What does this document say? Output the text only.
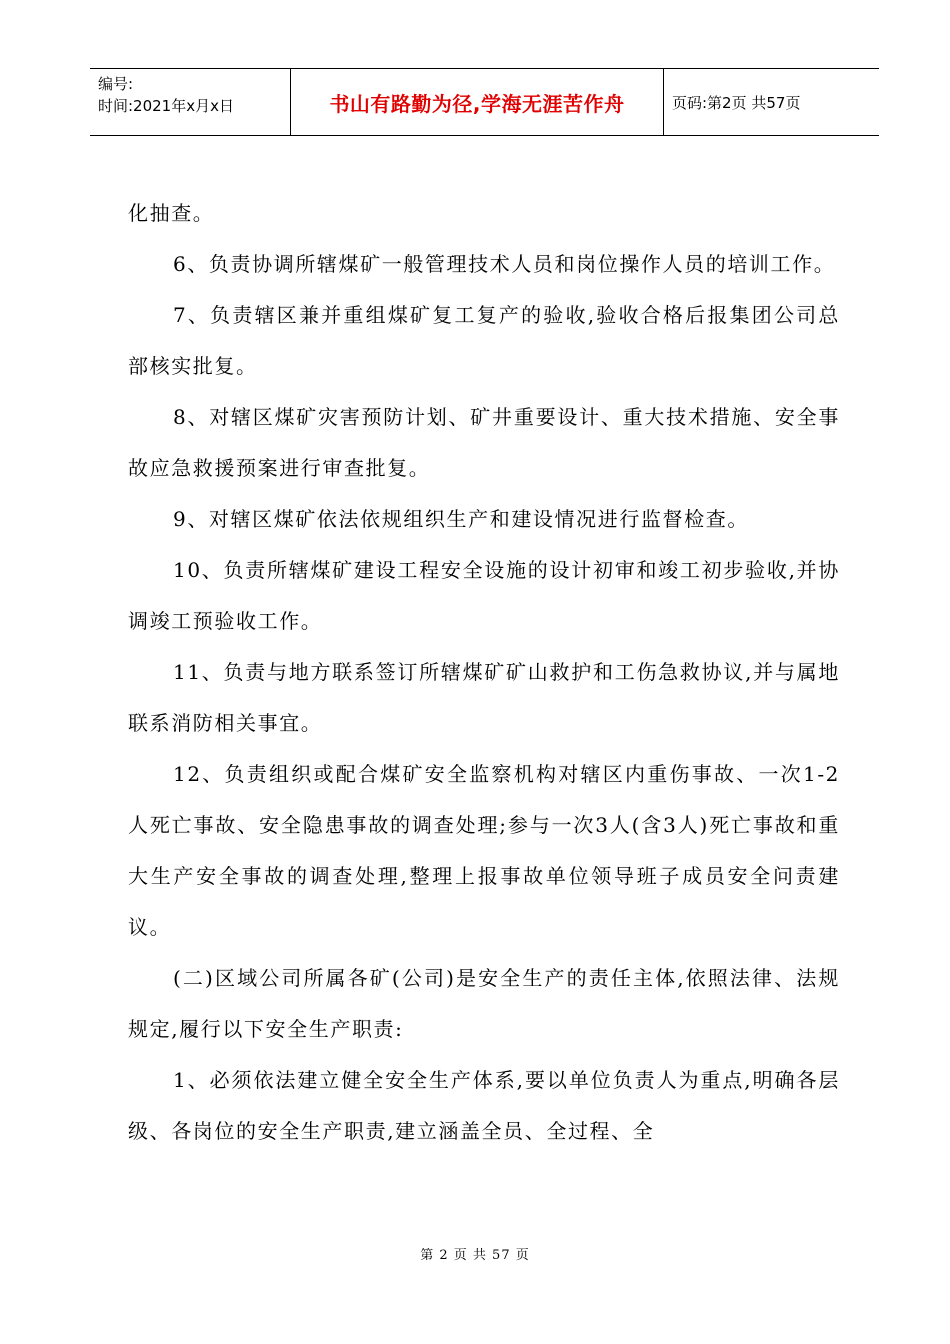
编号:
时间:2021年x月x日	书山有路勤为径,学海无涯苦作舟	页码:第2页 共57页

化抽查。

6、负责协调所辖煤矿一般管理技术人员和岗位操作人员的培训工作。

7、负责辖区兼并重组煤矿复工复产的验收,验收合格后报集团公司总部核实批复。

8、对辖区煤矿灾害预防计划、矿井重要设计、重大技术措施、安全事故应急救援预案进行审查批复。

9、对辖区煤矿依法依规组织生产和建设情况进行监督检查。

10、负责所辖煤矿建设工程安全设施的设计初审和竣工初步验收,并协调竣工预验收工作。

11、负责与地方联系签订所辖煤矿矿山救护和工伤急救协议,并与属地联系消防相关事宜。

12、负责组织或配合煤矿安全监察机构对辖区内重伤事故、一次1-2人死亡事故、安全隐患事故的调查处理;参与一次3人(含3人)死亡事故和重大生产安全事故的调查处理,整理上报事故单位领导班子成员安全问责建议。

(二)区域公司所属各矿(公司)是安全生产的责任主体,依照法律、法规规定,履行以下安全生产职责:

1、必须依法建立健全安全生产体系,要以单位负责人为重点,明确各层级、各岗位的安全生产职责,建立涵盖全员、全过程、全

第 2 页 共 57 页
